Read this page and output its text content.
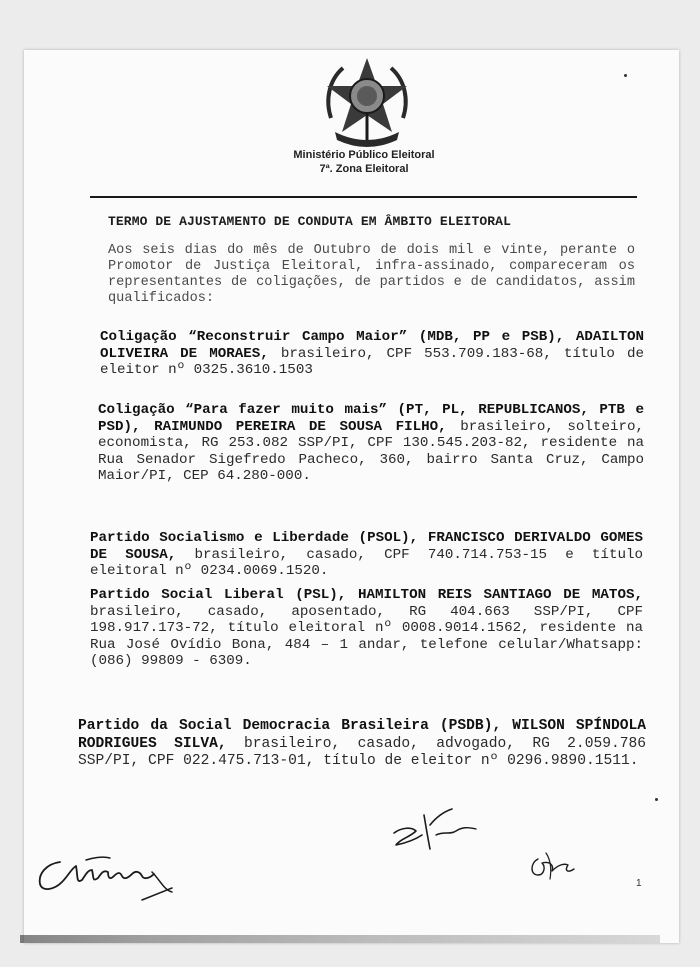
Ministério Público Eleitoral
7ª. Zona Eleitoral
TERMO DE AJUSTAMENTO DE CONDUTA EM ÂMBITO ELEITORAL
Aos seis dias do mês de Outubro de dois mil e vinte, perante o Promotor de Justiça Eleitoral, infra-assinado, compareceram os representantes de coligações, de partidos e de candidatos, assim qualificados:
Coligação “Reconstruir Campo Maior” (MDB, PP e PSB), ADAILTON OLIVEIRA DE MORAES, brasileiro, CPF 553.709.183-68, título de eleitor nº 0325.3610.1503
Coligação “Para fazer muito mais” (PT, PL, REPUBLICANOS, PTB e PSD), RAIMUNDO PEREIRA DE SOUSA FILHO, brasileiro, solteiro, economista, RG 253.082 SSP/PI, CPF 130.545.203-82, residente na Rua Senador Sigefredo Pacheco, 360, bairro Santa Cruz, Campo Maior/PI, CEP 64.280-000.
Partido Socialismo e Liberdade (PSOL), FRANCISCO DERIVALDO GOMES DE SOUSA, brasileiro, casado, CPF 740.714.753-15 e título eleitoral nº 0234.0069.1520.
Partido Social Liberal (PSL), HAMILTON REIS SANTIAGO DE MATOS, brasileiro, casado, aposentado, RG 404.663 SSP/PI, CPF 198.917.173-72, título eleitoral nº 0008.9014.1562, residente na Rua José Ovídio Bona, 484 – 1 andar, telefone celular/Whatsapp: (086) 99809 - 6309.
Partido da Social Democracia Brasileira (PSDB), WILSON SPÍNDOLA RODRIGUES SILVA, brasileiro, casado, advogado, RG 2.059.786 SSP/PI, CPF 022.475.713-01, título de eleitor nº 0296.9890.1511.
1
